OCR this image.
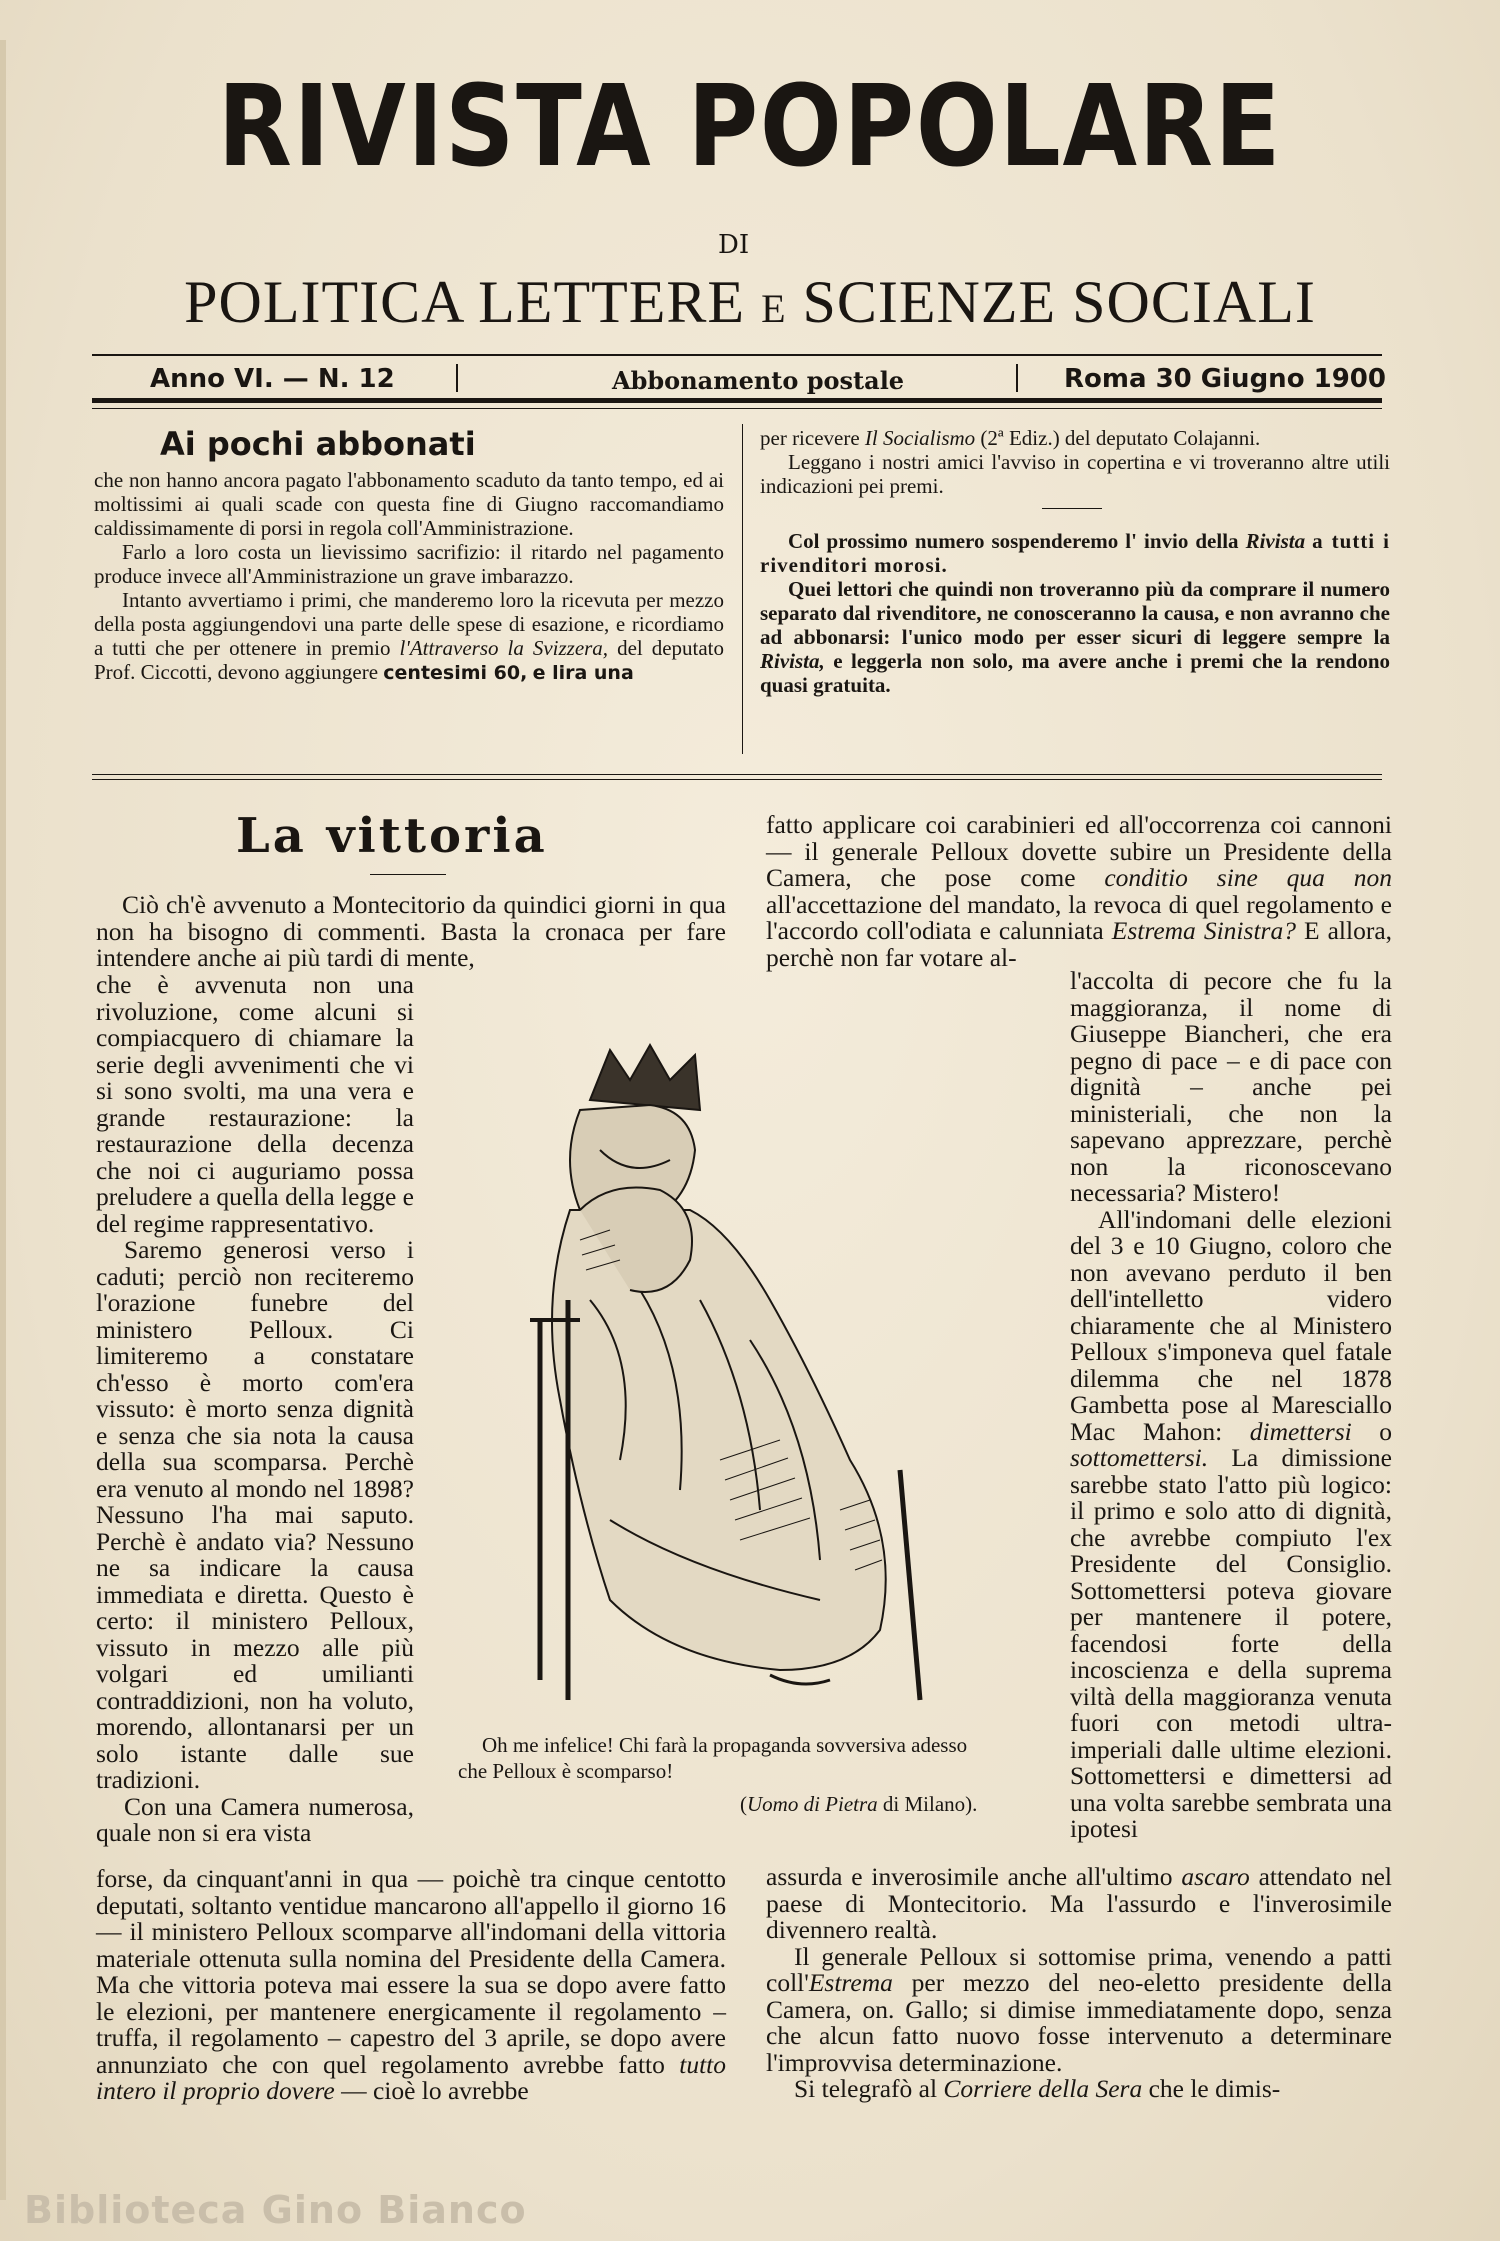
RIVISTA POPOLARE
DI
POLITICA LETTERE E SCIENZE SOCIALI
Anno VI. — N. 12	Abbonamento postale	Roma 30 Giugno 1900
Ai pochi abbonati

che non hanno ancora pagato l'abbonamento scaduto da tanto tempo, ed ai moltissimi ai quali scade con questa fine di Giugno raccomandiamo caldissimamente di porsi in regola coll'Amministrazione.

Farlo a loro costa un lievissimo sacrifizio: il ritardo nel pagamento produce invece all'Amministrazione un grave imbarazzo.

Intanto avvertiamo i primi, che manderemo loro la ricevuta per mezzo della posta aggiungendovi una parte delle spese di esazione, e ricordiamo a tutti che per ottenere in premio l'Attraverso la Svizzera, del deputato Prof. Ciccotti, devono aggiungere centesimi 60, e lira una

per ricevere Il Socialismo (2ª Ediz.) del deputato Colajanni.

Leggano i nostri amici l'avviso in copertina e vi troveranno altre utili indicazioni pei premi.

Col prossimo numero sospenderemo l' invio della Rivista a tutti i rivenditori morosi.

Quei lettori che quindi non troveranno più da comprare il numero separato dal rivenditore, ne conosceranno la causa, e non avranno che ad abbonarsi: l'unico modo per esser sicuri di leggere sempre la Rivista, e leggerla non solo, ma avere anche i premi che la rendono quasi gratuita.

La vittoria

Ciò ch'è avvenuto a Montecitorio da quindici giorni in qua non ha bisogno di commenti. Basta la cronaca per fare intendere anche ai più tardi di mente,

che è avvenuta non una rivoluzione, come alcuni si compiacquero di chiamare la serie degli avvenimenti che vi si sono svolti, ma una vera e grande restaurazione: la restaurazione della decenza che noi ci auguriamo possa preludere a quella della legge e del regime rappresentativo.

Saremo generosi verso i caduti; perciò non reciteremo l'orazione funebre del ministero Pelloux. Ci limiteremo a constatare ch'esso è morto com'era vissuto: è morto senza dignità e senza che sia nota la causa della sua scomparsa. Perchè era venuto al mondo nel 1898? Nessuno l'ha mai saputo. Perchè è andato via? Nessuno ne sa indicare la causa immediata e diretta. Questo è certo: il ministero Pelloux, vissuto in mezzo alle più volgari ed umilianti contraddizioni, non ha voluto, morendo, allontanarsi per un solo istante dalle sue tradizioni.

Con una Camera numerosa, quale non si era vista

forse, da cinquant'anni in qua — poichè tra cinque centotto deputati, soltanto ventidue mancarono all'appello il giorno 16 — il ministero Pelloux scomparve all'indomani della vittoria materiale ottenuta sulla nomina del Presidente della Camera. Ma che vittoria poteva mai essere la sua se dopo avere fatto le elezioni, per mantenere energicamente il regolamento – truffa, il regolamento – capestro del 3 aprile, se dopo avere annunziato che con quel regolamento avrebbe fatto tutto intero il proprio dovere — cioè lo avrebbe

fatto applicare coi carabinieri ed all'occorrenza coi cannoni — il generale Pelloux dovette subire un Presidente della Camera, che pose come conditio sine qua non all'accettazione del mandato, la revoca di quel regolamento e l'accordo coll'odiata e calunniata Estrema Sinistra? E allora, perchè non far votare al-

l'accolta di pecore che fu la maggioranza, il nome di Giuseppe Biancheri, che era pegno di pace – e di pace con dignità – anche pei ministeriali, che non la sapevano apprezzare, perchè non la riconoscevano necessaria? Mistero!

All'indomani delle elezioni del 3 e 10 Giugno, coloro che non avevano perduto il ben dell'intelletto videro chiaramente che al Ministero Pelloux s'imponeva quel fatale dilemma che nel 1878 Gambetta pose al Maresciallo Mac Mahon: dimettersi o sottomettersi. La dimissione sarebbe stato l'atto più logico: il primo e solo atto di dignità, che avrebbe compiuto l'ex Presidente del Consiglio. Sottomettersi poteva giovare per mantenere il potere, facendosi forte della incoscienza e della suprema viltà della maggioranza venuta fuori con metodi ultra-imperiali dalle ultime elezioni. Sottomettersi e dimettersi ad una volta sarebbe sembrata una ipotesi

assurda e inverosimile anche all'ultimo ascaro attendato nel paese di Montecitorio. Ma l'assurdo e l'inverosimile divennero realtà.

Il generale Pelloux si sottomise prima, venendo a patti coll'Estrema per mezzo del neo-eletto presidente della Camera, on. Gallo; si dimise immediatamente dopo, senza che alcun fatto nuovo fosse intervenuto a determinare l'improvvisa determinazione.

Si telegrafò al Corriere della Sera che le dimis-

Oh me infelice! Chi farà la propaganda sovversiva adesso
che Pelloux è scomparso!
(Uomo di Pietra di Milano).
Biblioteca Gino Bianco
